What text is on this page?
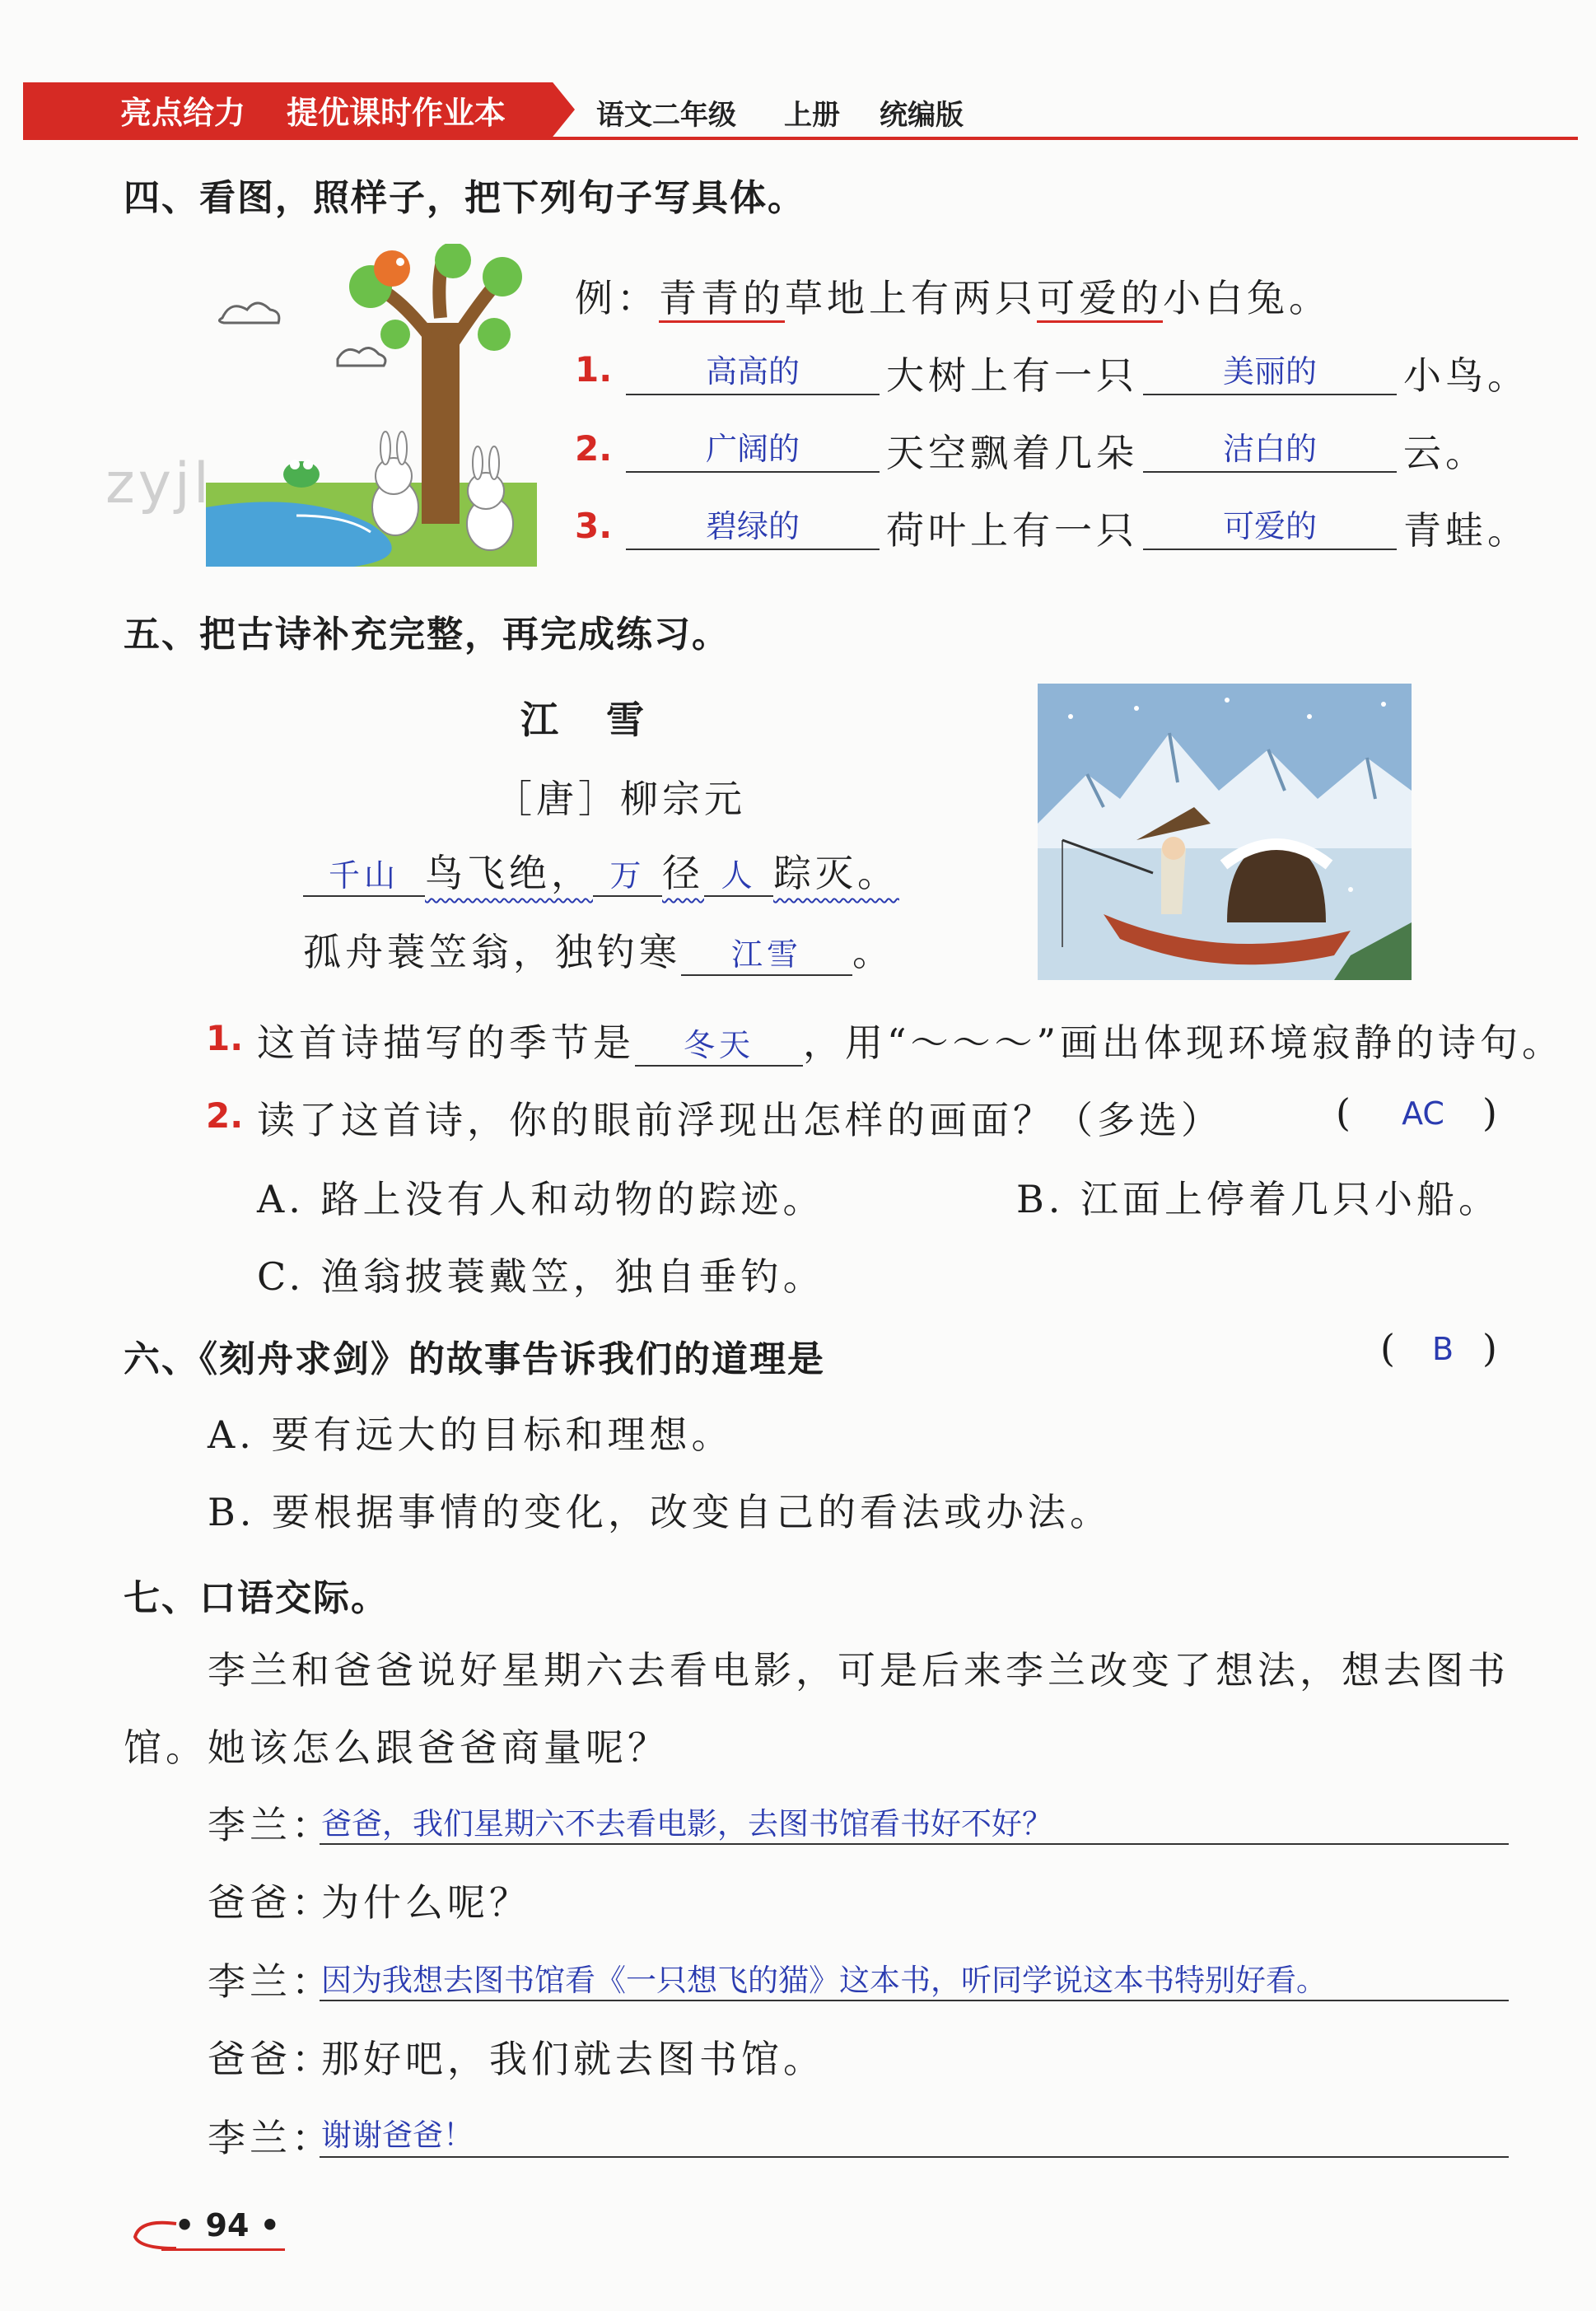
亮点给力 提优课时作业本	语文二年级 上册 统编版
四、看图，照样子，把下列句子写具体。
zyjl
例：青青的草地上有两只可爱的小白兔。
1.	高高的	大树上有一只	美丽的	小鸟。
2.	广阔的	天空飘着几朵	洁白的	云。
3.	碧绿的	荷叶上有一只	可爱的	青蛙。
五、把古诗补充完整，再完成练习。
江　雪
［唐］柳宗元
千山 鸟飞绝， 万 径 人 踪灭。
孤舟蓑笠翁，独钓寒 江雪 。
1. 这首诗描写的季节是 冬天 ，用“～～～”画出体现环境寂静的诗句。
2. 读了这首诗，你的眼前浮现出怎样的画面？（多选）	(	AC	)
A. 路上没有人和动物的踪迹。	B. 江面上停着几只小船。
C. 渔翁披蓑戴笠，独自垂钓。
六、《刻舟求剑》的故事告诉我们的道理是	(	B )
A. 要有远大的目标和理想。
B. 要根据事情的变化，改变自己的看法或办法。
七、口语交际。
李兰和爸爸说好星期六去看电影，可是后来李兰改变了想法，想去图书
馆。她该怎么跟爸爸商量呢？
李兰：
爸爸，我们星期六不去看电影，去图书馆看书好不好？
爸爸：
为什么呢？
李兰：
因为我想去图书馆看《一只想飞的猫》这本书，听同学说这本书特别好看。
爸爸：
那好吧，我们就去图书馆。
李兰：
谢谢爸爸！
• 94 •
